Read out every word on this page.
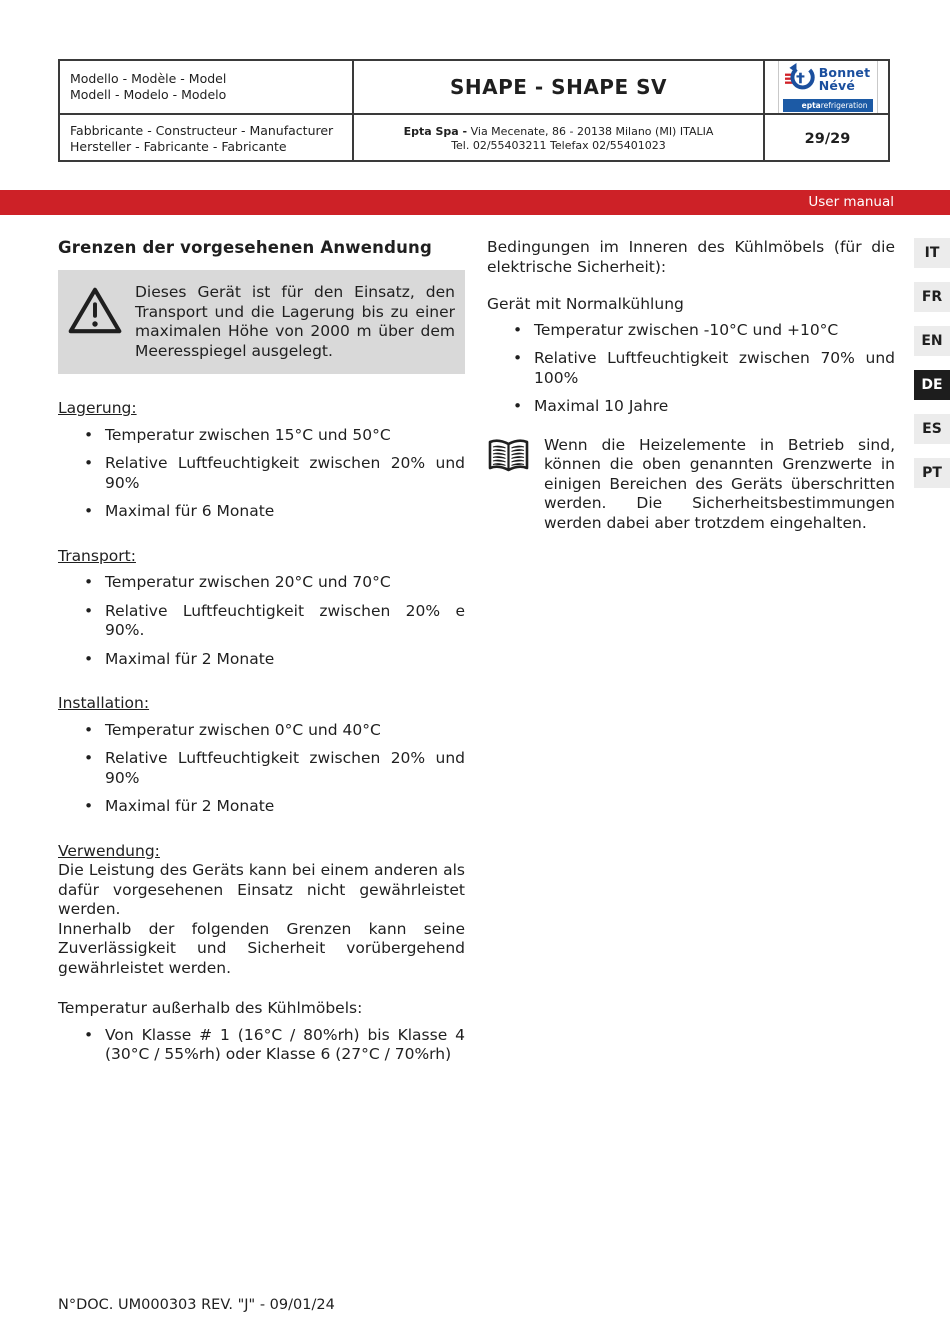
Modello - Modèle - Model
Modell - Modelo - Modelo	SHAPE - SHAPE SV
Bonnet
Névé
eptarefrigeration
Fabbricante - Constructeur - Manufacturer
Hersteller - Fabricante - Fabricante
Epta Spa - Via Mecenate, 86 - 20138 Milano (MI) ITALIA
Tel. 02/55403211 Telefax 02/55401023	29/29
User manual
Grenzen der vorgesehenen Anwendung

Dieses Gerät ist für den Einsatz, den Transport und die Lagerung bis zu einer maximalen Höhe von 2000 m über dem Meeresspiegel ausgelegt.

Lagerung:
• Temperatur zwischen 15°C und 50°C
• Relative Luftfeuchtigkeit zwischen 20% und 90%
• Maximal für 6 Monate
Transport:
• Temperatur zwischen 20°C und 70°C
• Relative Luftfeuchtigkeit zwischen 20% e 90%.
• Maximal für 2 Monate
Installation:
• Temperatur zwischen 0°C und 40°C
• Relative Luftfeuchtigkeit zwischen 20% und 90%
• Maximal für 2 Monate
Verwendung:

Die Leistung des Geräts kann bei einem anderen als dafür vorgesehenen Einsatz nicht gewährleistet werden.

Innerhalb der folgenden Grenzen kann seine Zuverlässigkeit und Sicherheit vorübergehend gewährleistet werden.

Temperatur außerhalb des Kühlmöbels:
• Von Klasse # 1 (16°C / 80%rh) bis Klasse 4 (30°C / 55%rh) oder Klasse 6 (27°C / 70%rh)

Bedingungen im Inneren des Kühlmöbels (für die elektrische Sicherheit):

Gerät mit Normalkühlung
• Temperatur zwischen -10°C und +10°C
• Relative Luftfeuchtigkeit zwischen 70% und 100%
• Maximal 10 Jahre

Wenn die Heizelemente in Betrieb sind, können die oben genannten Grenzwerte in einigen Bereichen des Geräts überschritten werden. Die Sicherheitsbestimmungen werden dabei aber trotzdem eingehalten.

IT
FR
EN
DE
ES
PT
N°DOC. UM000303 REV. "J" - 09/01/24
